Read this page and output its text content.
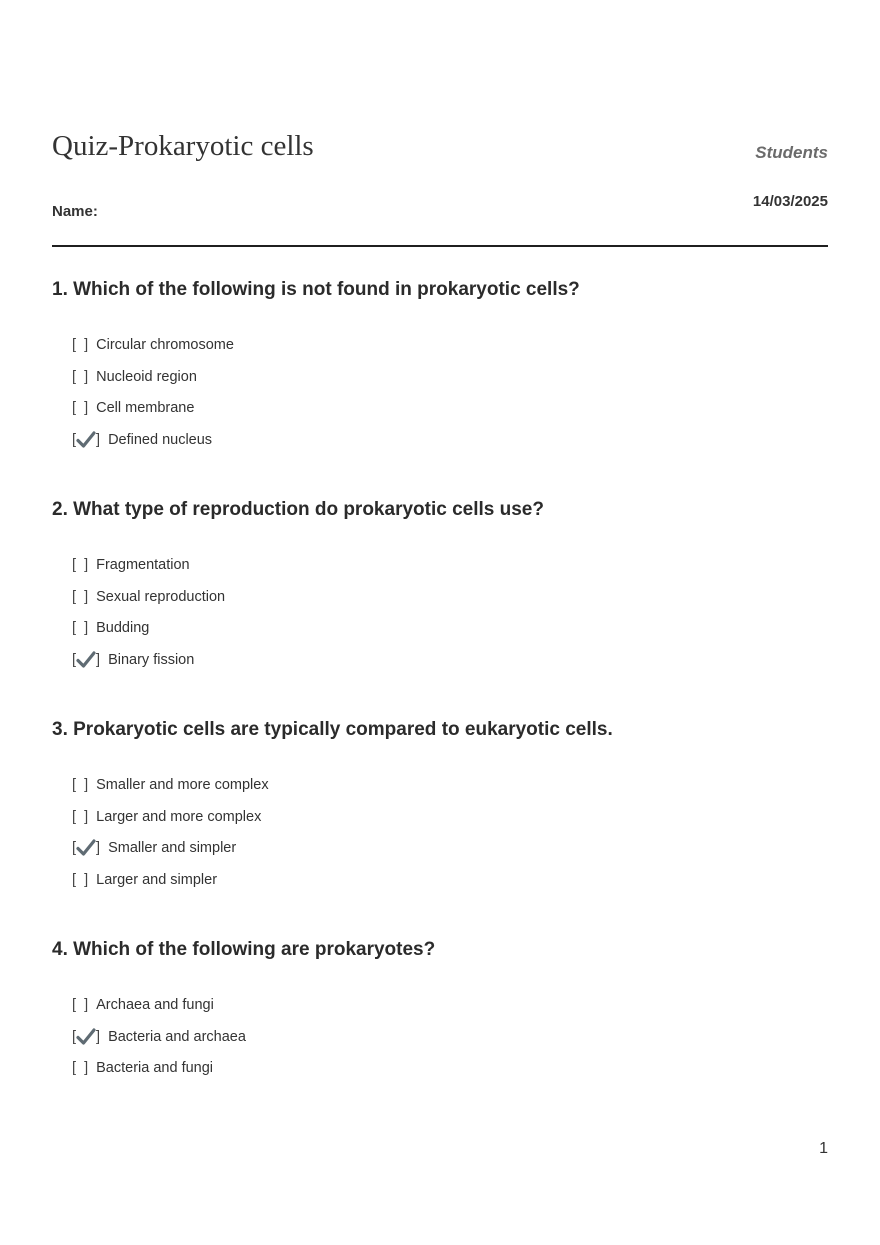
Quiz-Prokaryotic cells	Students
14/03/2025
Name:
1. Which of the following is not found in prokaryotic cells?
[  ] Circular chromosome
[  ] Nucleoid region
[  ] Cell membrane
[ ] Defined nucleus
2. What type of reproduction do prokaryotic cells use?
[  ] Fragmentation
[  ] Sexual reproduction
[  ] Budding
[ ] Binary fission
3. Prokaryotic cells are typically compared to eukaryotic cells.
[  ] Smaller and more complex
[  ] Larger and more complex
[ ] Smaller and simpler
[  ] Larger and simpler
4. Which of the following are prokaryotes?
[  ] Archaea and fungi
[ ] Bacteria and archaea
[  ] Bacteria and fungi
1
